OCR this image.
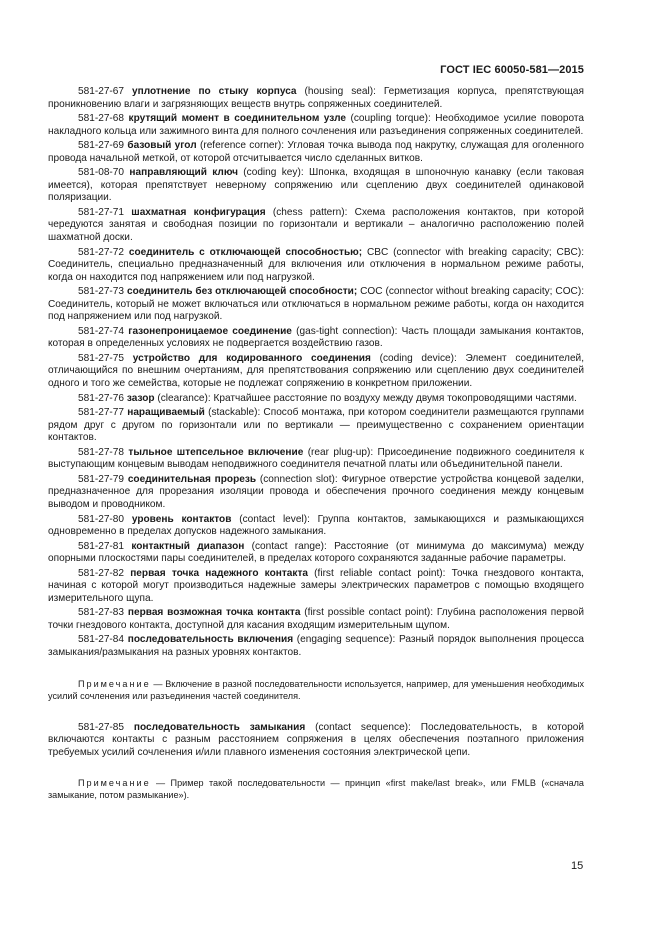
ГОСТ IEC 60050-581—2015

581-27-67 уплотнение по стыку корпуса (housing seal): Герметизация корпуса, препятствующая проникновению влаги и загрязняющих веществ внутрь сопряженных соединителей.

581-27-68 крутящий момент в соединительном узле (coupling torque): Необходимое усилие поворота накладного кольца или зажимного винта для полного сочленения или разъединения сопряженных соединителей.

581-27-69 базовый угол (reference corner): Угловая точка вывода под накрутку, служащая для оголенного провода начальной меткой, от которой отсчитывается число сделанных витков.

581-08-70 направляющий ключ (coding key): Шпонка, входящая в шпоночную канавку (если таковая имеется), которая препятствует неверному сопряжению или сцеплению двух соединителей одинаковой поляризации.

581-27-71 шахматная конфигурация (chess pattern): Схема расположения контактов, при которой чередуются занятая и свободная позиции по горизонтали и вертикали – аналогично расположению полей шахматной доски.

581-27-72 соединитель с отключающей способностью; CBC (connector with breaking capacity; CBC): Соединитель, специально предназначенный для включения или отключения в нормальном режиме работы, когда он находится под напряжением или под нагрузкой.

581-27-73 соединитель без отключающей способности; COC (connector without breaking capacity; COC): Соединитель, который не может включаться или отключаться в нормальном режиме работы, когда он находится под напряжением или под нагрузкой.

581-27-74 газонепроницаемое соединение (gas-tight connection): Часть площади замыкания контактов, которая в определенных условиях не подвергается воздействию газов.

581-27-75 устройство для кодированного соединения (coding device): Элемент соединителей, отличающийся по внешним очертаниям, для препятствования сопряжению или сцеплению двух соединителей одного и того же семейства, которые не подлежат сопряжению в конкретном приложении.

581-27-76 зазор (clearance): Кратчайшее расстояние по воздуху между двумя токопроводящими частями.

581-27-77 наращиваемый (stackable): Способ монтажа, при котором соединители размещаются группами рядом друг с другом по горизонтали или по вертикали — преимущественно с сохранением ориентации контактов.

581-27-78 тыльное штепсельное включение (rear plug-up): Присоединение подвижного соединителя к выступающим концевым выводам неподвижного соединителя печатной платы или объединительной панели.

581-27-79 соединительная прорезь (connection slot): Фигурное отверстие устройства концевой заделки, предназначенное для прорезания изоляции провода и обеспечения прочного соединения между концевым выводом и проводником.

581-27-80 уровень контактов (contact level): Группа контактов, замыкающихся и размыкающихся одновременно в пределах допусков надежного замыкания.

581-27-81 контактный диапазон (contact range): Расстояние (от минимума до максимума) между опорными плоскостями пары соединителей, в пределах которого сохраняются заданные рабочие параметры.

581-27-82 первая точка надежного контакта (first reliable contact point): Точка гнездового контакта, начиная с которой могут производиться надежные замеры электрических параметров с помощью входящего измерительного щупа.

581-27-83 первая возможная точка контакта (first possible contact point): Глубина расположения первой точки гнездового контакта, доступной для касания входящим измерительным щупом.

581-27-84 последовательность включения (engaging sequence): Разный порядок выполнения процесса замыкания/размыкания на разных уровнях контактов.

Примечание — Включение в разной последовательности используется, например, для уменьшения необходимых усилий сочленения или разъединения частей соединителя.

581-27-85 последовательность замыкания (contact sequence): Последовательность, в которой включаются контакты с разным расстоянием сопряжения в целях обеспечения поэтапного приложения требуемых усилий сочленения и/или плавного изменения состояния электрической цепи.

Примечание — Пример такой последовательности — принцип «first make/last break», или FMLB («сначала замыкание, потом размыкание»).

15
